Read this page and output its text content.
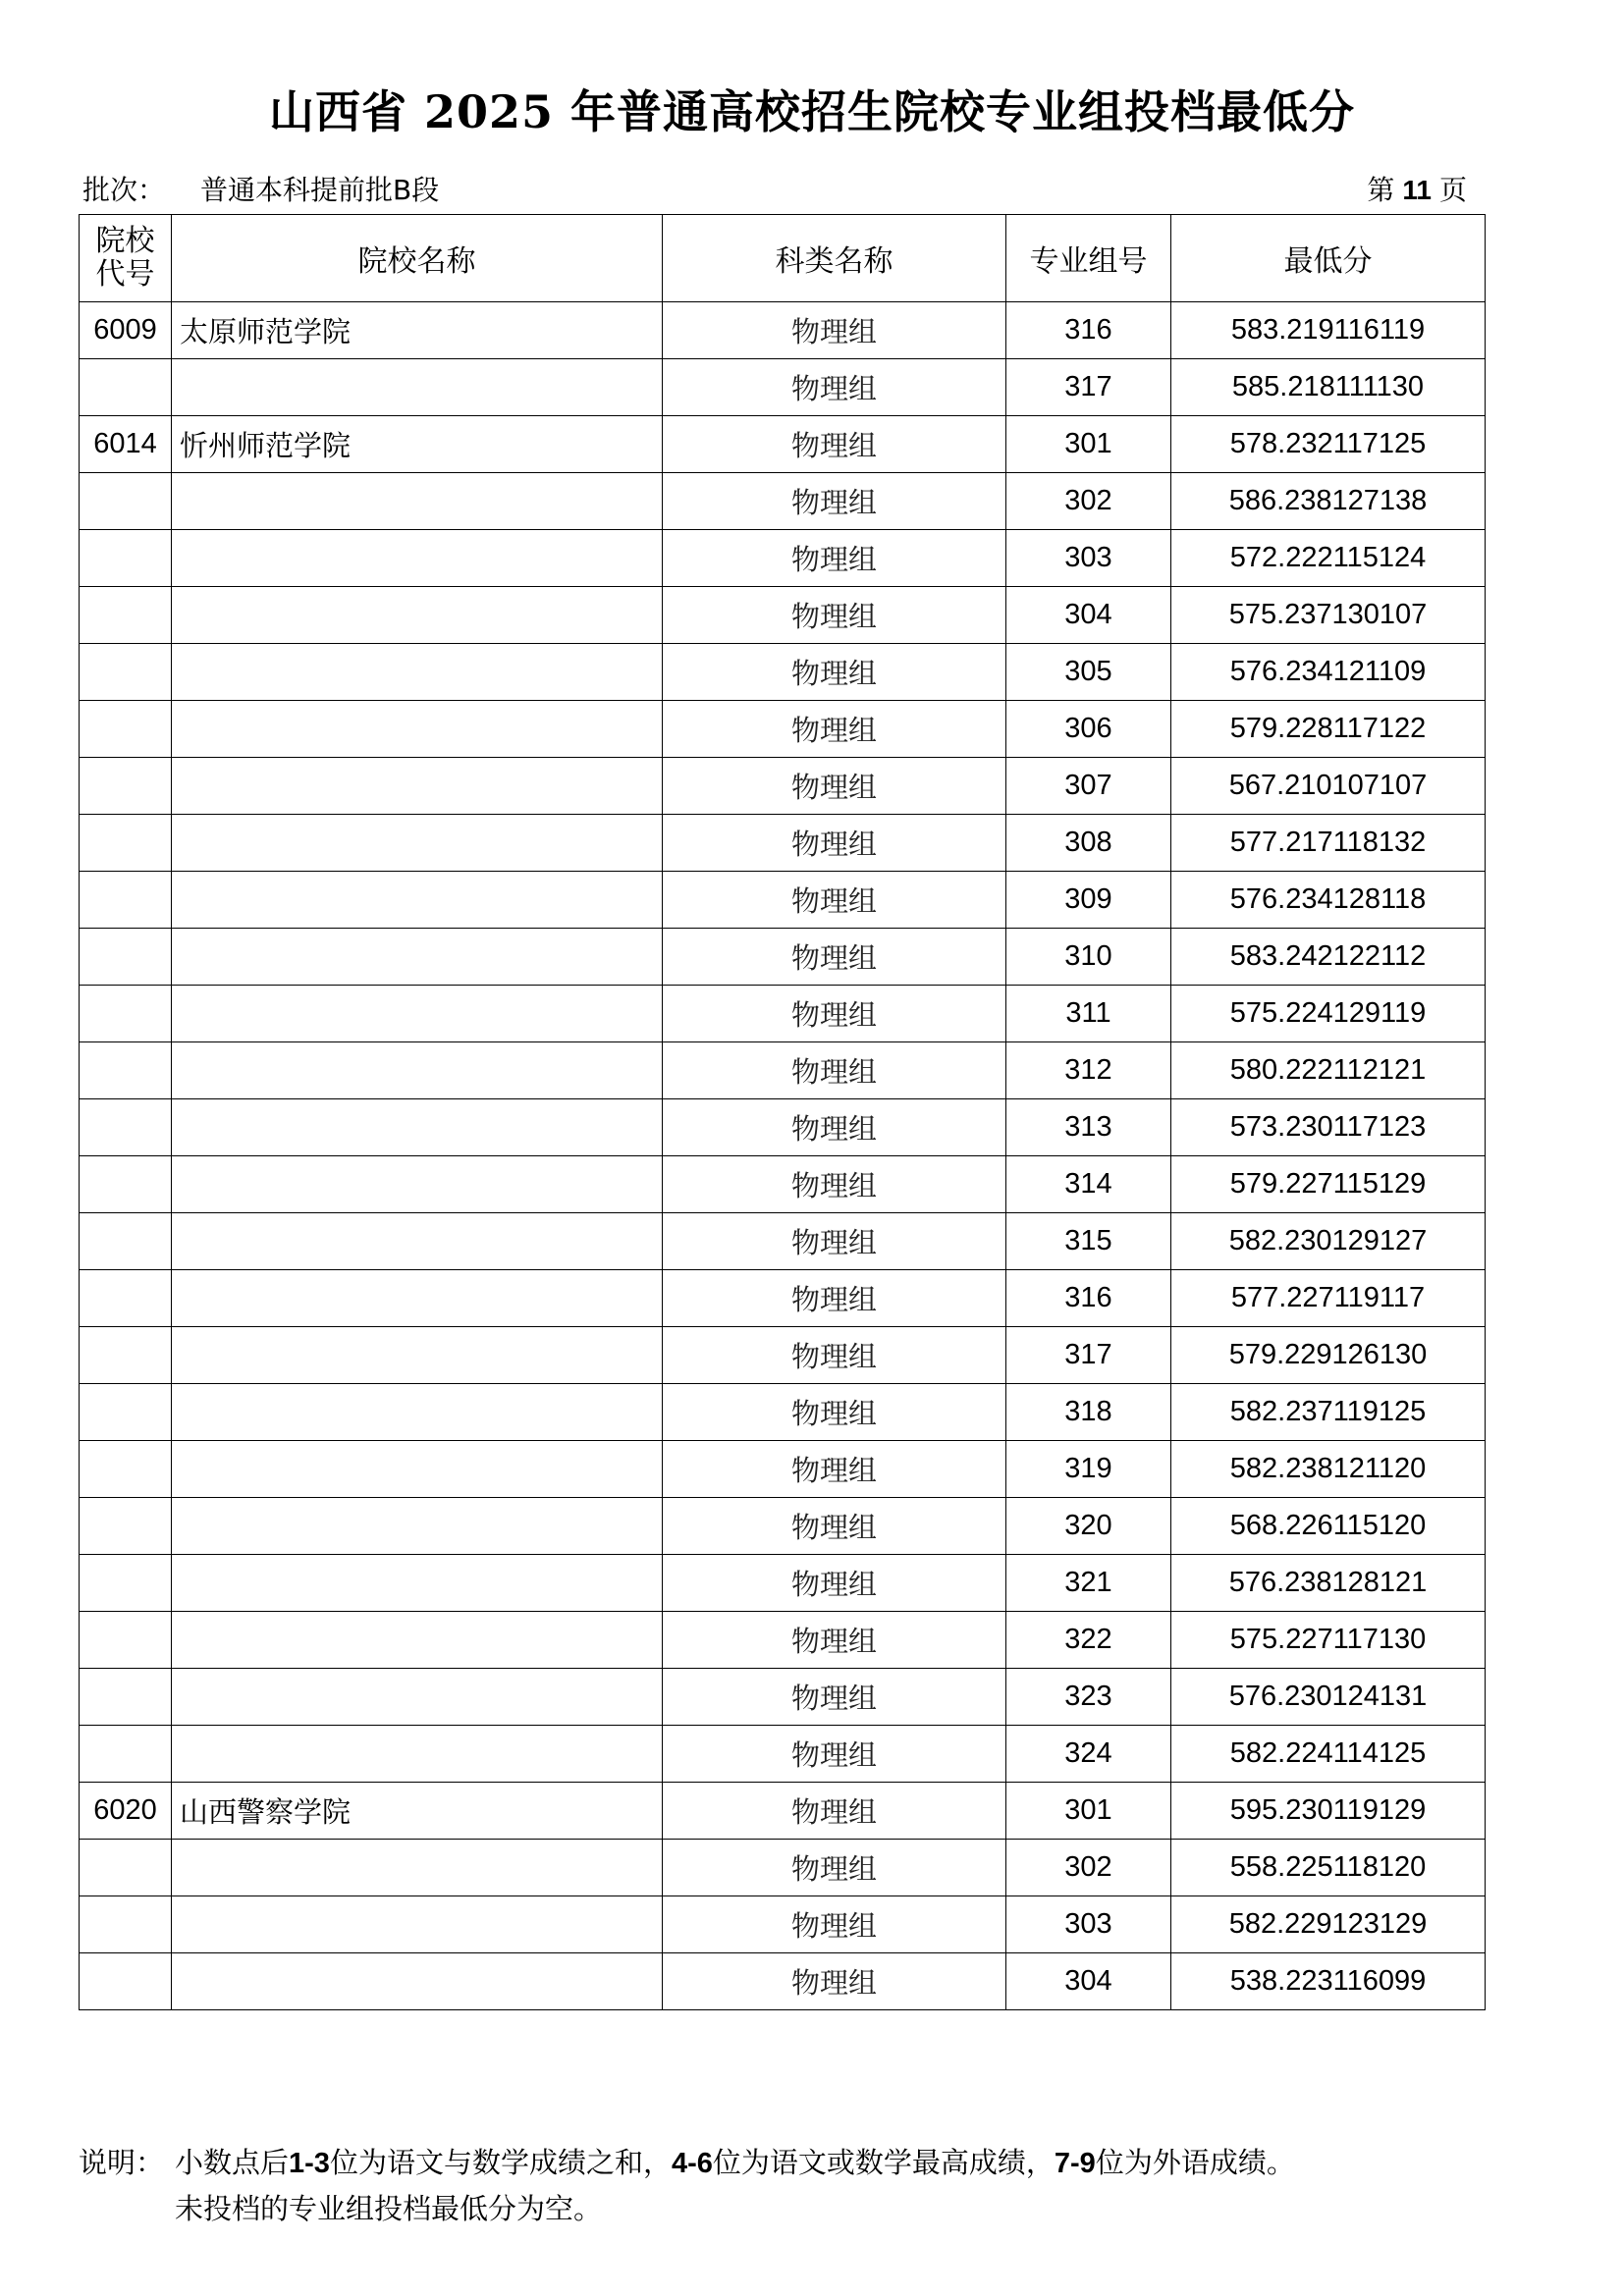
山西省 2025 年普通高校招生院校专业组投档最低分
批次： 普通本科提前批B段	第 11 页
院校
代号	院校名称	科类名称	专业组号	最低分
6009	太原师范学院	物理组	316	583.219116119
		物理组	317	585.218111130
6014	忻州师范学院	物理组	301	578.232117125
		物理组	302	586.238127138
		物理组	303	572.222115124
		物理组	304	575.237130107
		物理组	305	576.234121109
		物理组	306	579.228117122
		物理组	307	567.210107107
		物理组	308	577.217118132
		物理组	309	576.234128118
		物理组	310	583.242122112
		物理组	311	575.224129119
		物理组	312	580.222112121
		物理组	313	573.230117123
		物理组	314	579.227115129
		物理组	315	582.230129127
		物理组	316	577.227119117
		物理组	317	579.229126130
		物理组	318	582.237119125
		物理组	319	582.238121120
		物理组	320	568.226115120
		物理组	321	576.238128121
		物理组	322	575.227117130
		物理组	323	576.230124131
		物理组	324	582.224114125
6020	山西警察学院	物理组	301	595.230119129
		物理组	302	558.225118120
		物理组	303	582.229123129
		物理组	304	538.223116099
说明： 小数点后1-3位为语文与数学成绩之和，4-6位为语文或数学最高成绩，7-9位为外语成绩。
未投档的专业组投档最低分为空。
